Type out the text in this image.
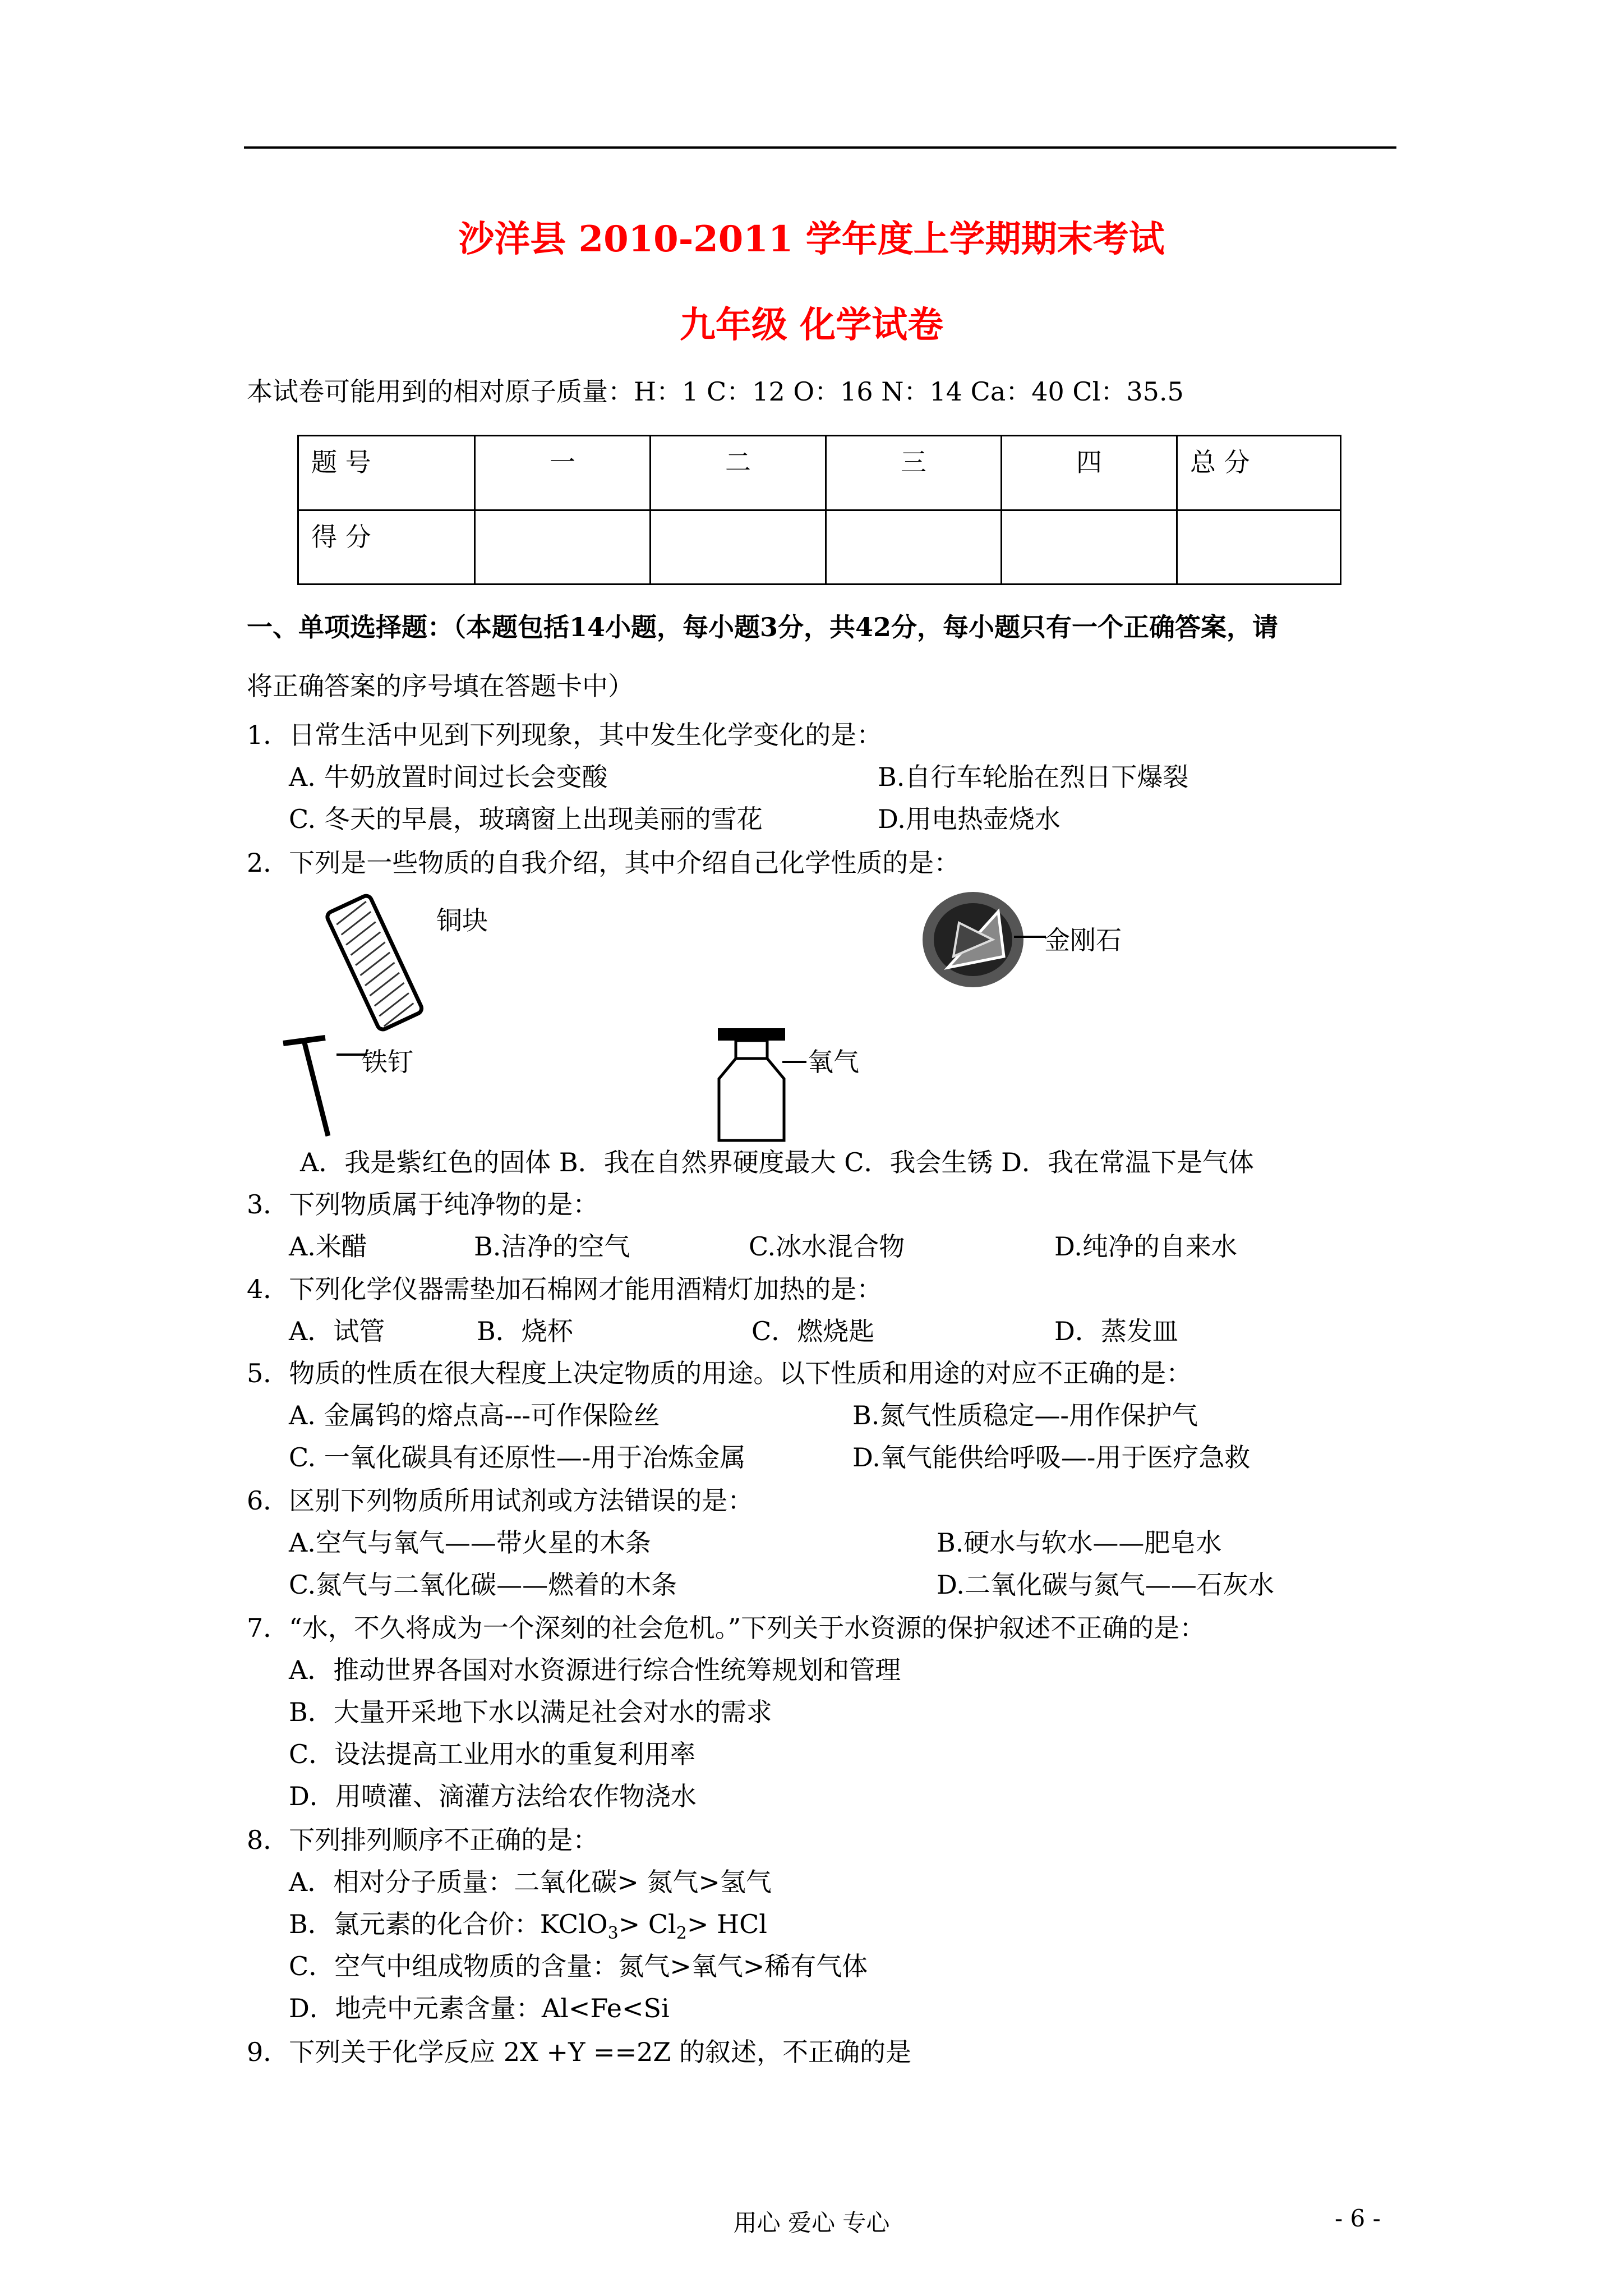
沙洋县 2010-2011 学年度上学期期末考试
九年级 化学试卷
本试卷可能用到的相对原子质量：H：1 C：12 O：16 N：14 Ca：40 Cl：35.5
题 号	一	二	三	四	总 分
得 分					
一、单项选择题：（本题包括14小题，每小题3分，共42分，每小题只有一个正确答案，请
将正确答案的序号填在答题卡中）
1．日常生活中见到下列现象，其中发生化学变化的是：
A. 牛奶放置时间过长会变酸	B.自行车轮胎在烈日下爆裂
C. 冬天的早晨，玻璃窗上出现美丽的雪花	D.用电热壶烧水
2．下列是一些物质的自我介绍，其中介绍自己化学性质的是：
铜块
金刚石
铁钉	氧气
A．我是紫红色的固体 B．我在自然界硬度最大 C．我会生锈 D．我在常温下是气体
3．下列物质属于纯净物的是：
A.米醋	B.洁净的空气	C.冰水混合物	D.纯净的自来水
4．下列化学仪器需垫加石棉网才能用酒精灯加热的是：
A．试管	B．烧杯	C．燃烧匙	D．蒸发皿
5．物质的性质在很大程度上决定物质的用途。以下性质和用途的对应不正确的是：
A. 金属钨的熔点高---可作保险丝	B.氮气性质稳定—-用作保护气
C. 一氧化碳具有还原性—-用于冶炼金属	D.氧气能供给呼吸—-用于医疗急救
6．区别下列物质所用试剂或方法错误的是：
A.空气与氧气——带火星的木条	B.硬水与软水——肥皂水
C.氮气与二氧化碳——燃着的木条	D.二氧化碳与氮气——石灰水
7．“水，不久将成为一个深刻的社会危机。”下列关于水资源的保护叙述不正确的是：
A．推动世界各国对水资源进行综合性统筹规划和管理
B．大量开采地下水以满足社会对水的需求
C．设法提高工业用水的重复利用率
D．用喷灌、滴灌方法给农作物浇水
8．下列排列顺序不正确的是：
A．相对分子质量：二氧化碳> 氮气>氢气
B．氯元素的化合价：KClO$_3$> $Cl_2>$ HCl
C．空气中组成物质的含量：氮气>氧气>稀有气体
D．地壳中元素含量：Al<Fe<Si
9．下列关于化学反应 2X +Y ==2Z 的叙述，不正确的是
用心 爱心 专心	- 6 -
